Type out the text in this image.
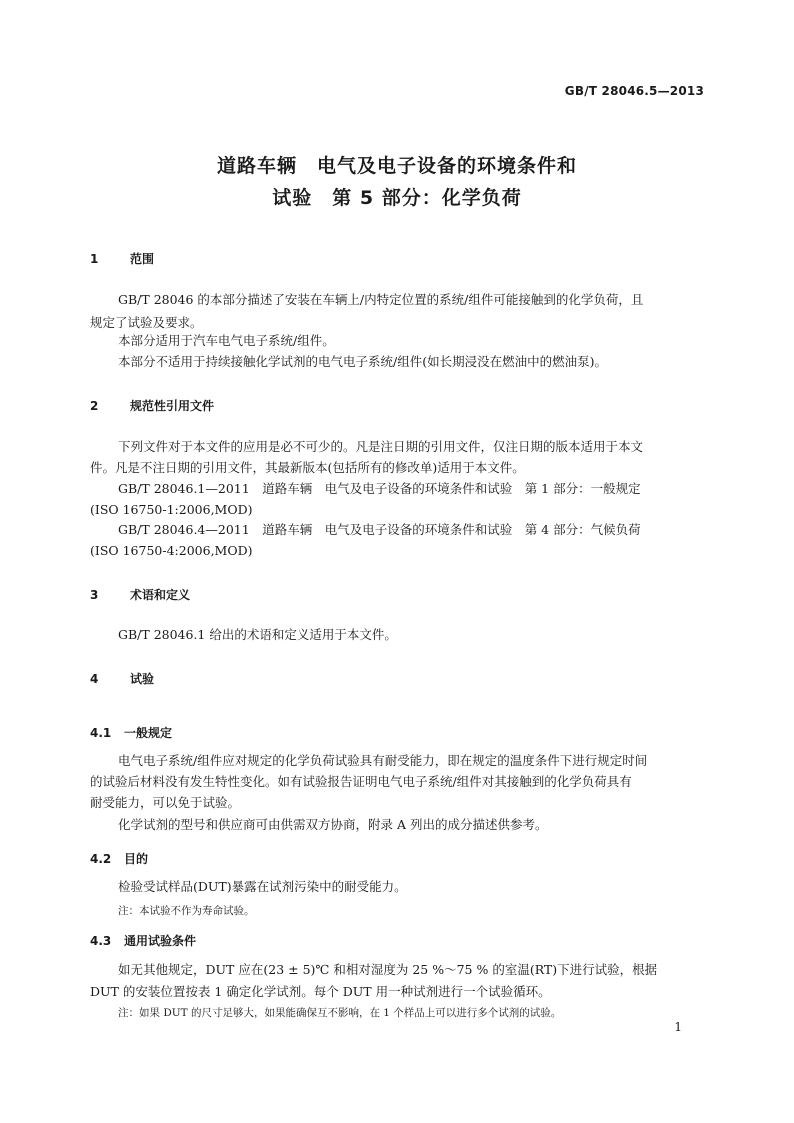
GB/T 28046.5—2013
道路车辆　电气及电子设备的环境条件和
试验　第 5 部分：化学负荷
1	范围
GB/T 28046 的本部分描述了安装在车辆上/内特定位置的系统/组件可能接触到的化学负荷，且
规定了试验及要求。
本部分适用于汽车电气电子系统/组件。
本部分不适用于持续接触化学试剂的电气电子系统/组件(如长期浸没在燃油中的燃油泵)。
2	规范性引用文件
下列文件对于本文件的应用是必不可少的。凡是注日期的引用文件，仅注日期的版本适用于本文
件。凡是不注日期的引用文件，其最新版本(包括所有的修改单)适用于本文件。
GB/T 28046.1—2011　道路车辆　电气及电子设备的环境条件和试验　第 1 部分：一般规定
(ISO 16750-1:2006,MOD)
GB/T 28046.4—2011　道路车辆　电气及电子设备的环境条件和试验　第 4 部分：气候负荷
(ISO 16750-4:2006,MOD)
3	术语和定义
GB/T 28046.1 给出的术语和定义适用于本文件。
4	试验
4.1 一般规定
电气电子系统/组件应对规定的化学负荷试验具有耐受能力，即在规定的温度条件下进行规定时间
的试验后材料没有发生特性变化。如有试验报告证明电气电子系统/组件对其接触到的化学负荷具有
耐受能力，可以免于试验。
化学试剂的型号和供应商可由供需双方协商，附录 A 列出的成分描述供参考。
4.2 目的
检验受试样品(DUT)暴露在试剂污染中的耐受能力。
注：本试验不作为寿命试验。
4.3 通用试验条件
如无其他规定，DUT 应在(23 ± 5)℃ 和相对湿度为 25 %～75 % 的室温(RT)下进行试验，根据
DUT 的安装位置按表 1 确定化学试剂。每个 DUT 用一种试剂进行一个试验循环。
注：如果 DUT 的尺寸足够大，如果能确保互不影响，在 1 个样品上可以进行多个试剂的试验。
1
